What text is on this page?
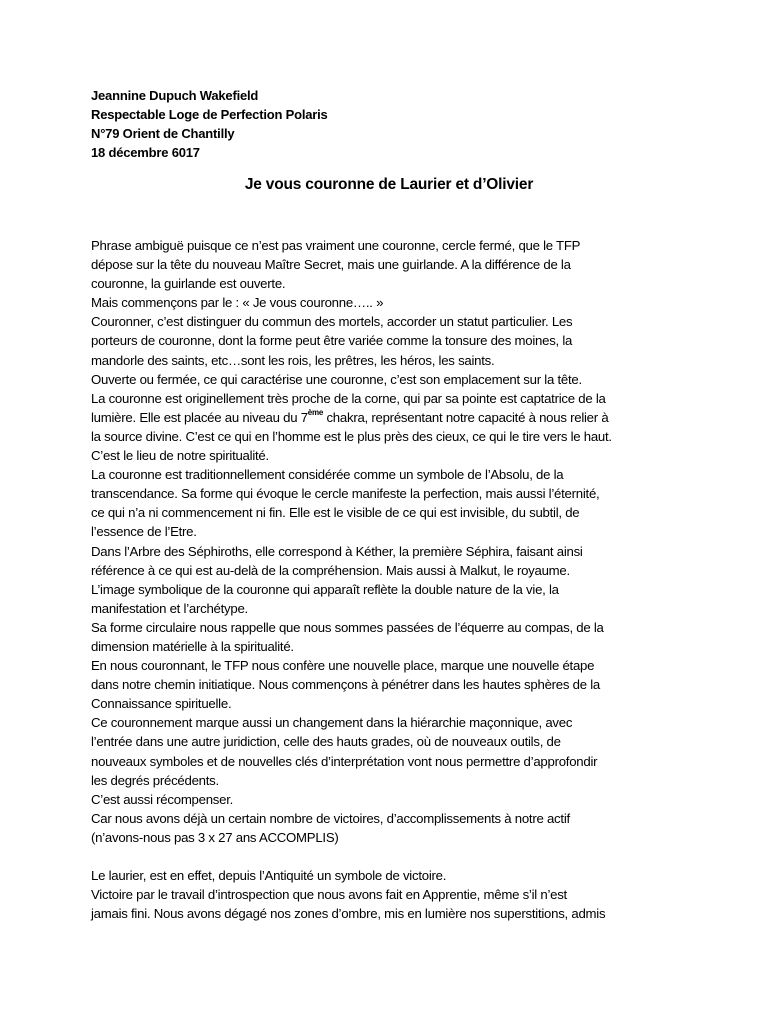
Jeannine Dupuch Wakefield
Respectable Loge de Perfection Polaris
N°79 Orient de Chantilly
18 décembre 6017
Je vous couronne de Laurier et d’Olivier
Phrase ambiguë puisque ce n’est pas vraiment une couronne, cercle fermé, que le TFP
dépose sur la tête du nouveau Maître Secret, mais une guirlande. A la différence de la
couronne, la guirlande est ouverte.
Mais commençons par le : « Je vous couronne….. »
Couronner, c’est distinguer du commun des mortels, accorder un statut particulier. Les
porteurs de couronne, dont la forme peut être variée comme la tonsure des moines, la
mandorle des saints, etc…sont les rois, les prêtres, les héros, les saints.
Ouverte ou fermée, ce qui caractérise une couronne, c’est son emplacement sur la tête.
La couronne est originellement très proche de la corne, qui par sa pointe est captatrice de la
lumière. Elle est placée au niveau du 7ème chakra, représentant notre capacité à nous relier à
la source divine. C’est ce qui en l’homme est le plus près des cieux, ce qui le tire vers le haut.
C’est le lieu de notre spiritualité.
La couronne est traditionnellement considérée comme un symbole de l’Absolu, de la
transcendance. Sa forme qui évoque le cercle manifeste la perfection, mais aussi l’éternité,
ce qui n’a ni commencement ni fin. Elle est le visible de ce qui est invisible, du subtil, de
l’essence de l’Etre.
Dans l’Arbre des Séphiroths, elle correspond à Kéther, la première Séphira, faisant ainsi
référence à ce qui est au-delà de la compréhension. Mais aussi à Malkut, le royaume.
L’image symbolique de la couronne qui apparaît reflète la double nature de la vie, la
manifestation et l’archétype.
Sa forme circulaire nous rappelle que nous sommes passées de l’équerre au compas, de la
dimension matérielle à la spiritualité.
En nous couronnant, le TFP nous confère une nouvelle place, marque une nouvelle étape
dans notre chemin initiatique. Nous commençons à pénétrer dans les hautes sphères de la
Connaissance spirituelle.
Ce couronnement marque aussi un changement dans la hiérarchie maçonnique, avec
l’entrée dans une autre juridiction, celle des hauts grades, où de nouveaux outils, de
nouveaux symboles et de nouvelles clés d’interprétation vont nous permettre d’approfondir
les degrés précédents.
C’est aussi récompenser.
Car nous avons déjà un certain nombre de victoires, d’accomplissements à notre actif
(n’avons-nous pas 3 x 27 ans ACCOMPLIS)
Le laurier, est en effet, depuis l’Antiquité un symbole de victoire.
Victoire par le travail d’introspection que nous avons fait en Apprentie, même s’il n’est
jamais fini. Nous avons dégagé nos zones d’ombre, mis en lumière nos superstitions, admis
